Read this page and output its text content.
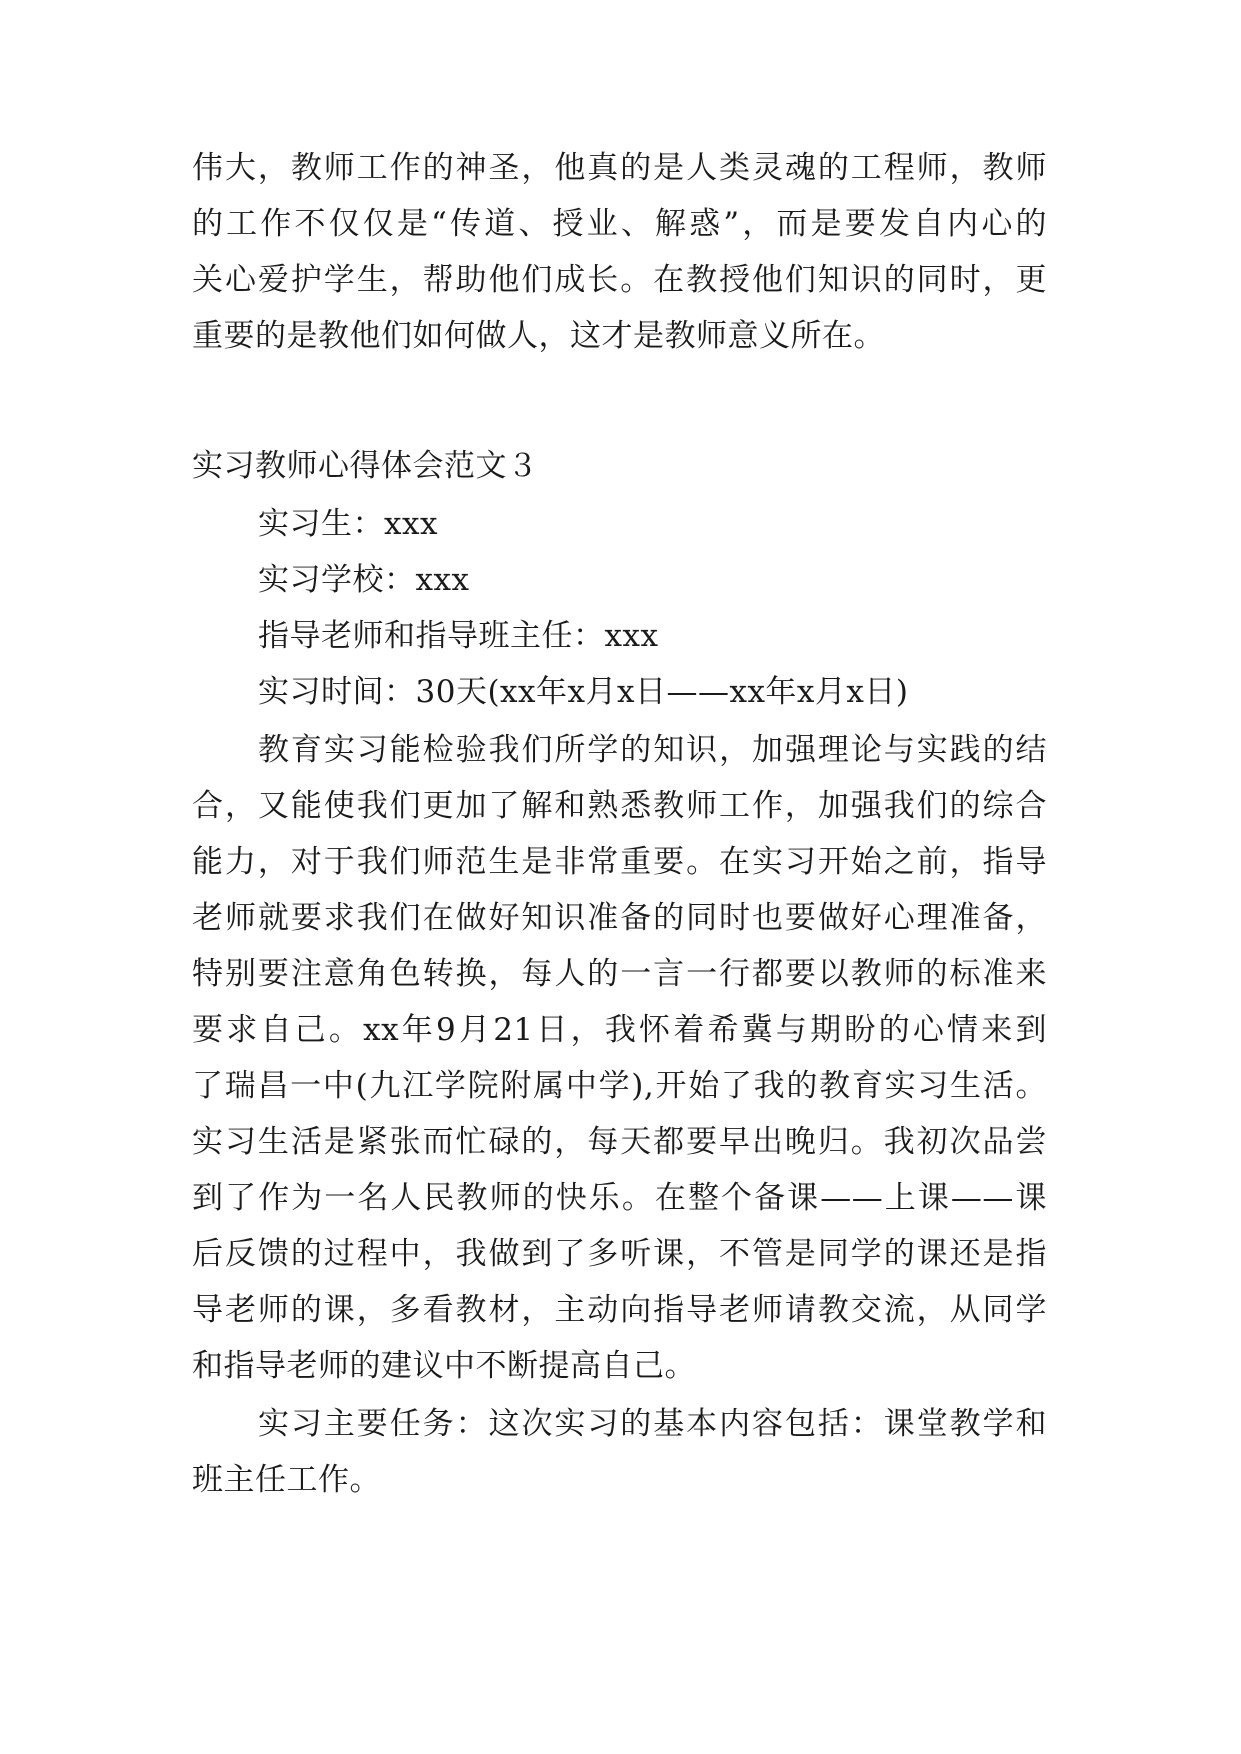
伟大，教师工作的神圣，他真的是人类灵魂的工程师，教师
的工作不仅仅是“传道、授业、解惑”，而是要发自内心的
关心爱护学生，帮助他们成长。在教授他们知识的同时，更
重要的是教他们如何做人，这才是教师意义所在。
实习教师心得体会范文３
实习生：xxx
实习学校：xxx
指导老师和指导班主任：xxx
实习时间：30天(xx年x月x日——xx年x月x日)
教育实习能检验我们所学的知识，加强理论与实践的结
合，又能使我们更加了解和熟悉教师工作，加强我们的综合
能力，对于我们师范生是非常重要。在实习开始之前，指导
老师就要求我们在做好知识准备的同时也要做好心理准备，
特别要注意角色转换，每人的一言一行都要以教师的标准来
要求自己。xx年9月21日，我怀着希冀与期盼的心情来到
了瑞昌一中(九江学院附属中学),开始了我的教育实习生活。
实习生活是紧张而忙碌的，每天都要早出晚归。我初次品尝
到了作为一名人民教师的快乐。在整个备课——上课——课
后反馈的过程中，我做到了多听课，不管是同学的课还是指
导老师的课，多看教材，主动向指导老师请教交流，从同学
和指导老师的建议中不断提高自己。
实习主要任务：这次实习的基本内容包括：课堂教学和
班主任工作。
